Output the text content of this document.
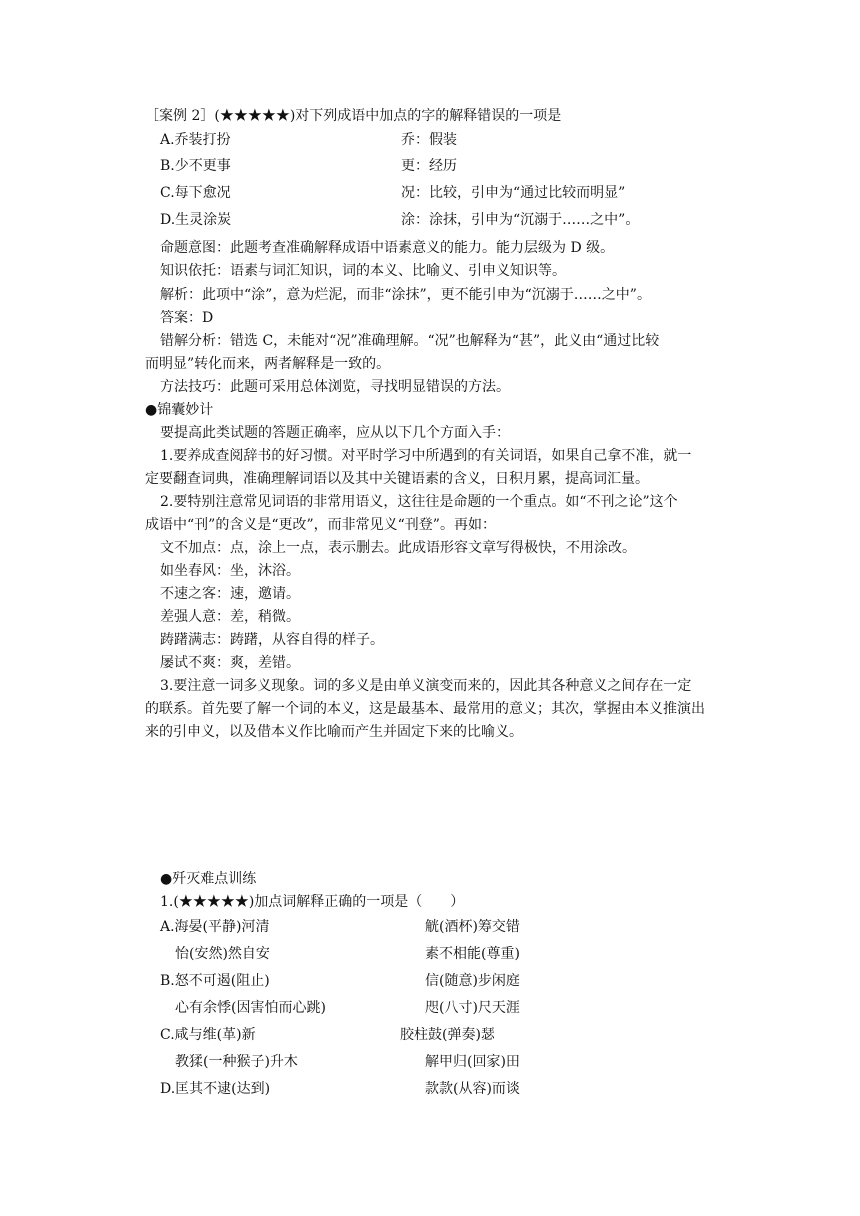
［案例 2］(★★★★★)对下列成语中加点的字的解释错误的一项是
A.乔装打扮	乔：假装
B.少不更事	更：经历
C.每下愈况	况：比较，引申为“通过比较而明显”
D.生灵涂炭	涂：涂抹，引申为“沉溺于……之中”。
命题意图：此题考查准确解释成语中语素意义的能力。能力层级为 D 级。
知识依托：语素与词汇知识，词的本义、比喻义、引申义知识等。
解析：此项中“涂”，意为烂泥，而非“涂抹”，更不能引申为“沉溺于……之中”。
答案：D
错解分析：错选 C，未能对“况”准确理解。“况”也解释为“甚”，此义由“通过比较
而明显”转化而来，两者解释是一致的。
方法技巧：此题可采用总体浏览，寻找明显错误的方法。
●锦囊妙计
要提高此类试题的答题正确率，应从以下几个方面入手：
1.要养成查阅辞书的好习惯。对平时学习中所遇到的有关词语，如果自己拿不准，就一
定要翻查词典，准确理解词语以及其中关键语素的含义，日积月累，提高词汇量。
2.要特别注意常见词语的非常用语义，这往往是命题的一个重点。如“不刊之论”这个
成语中“刊”的含义是“更改”，而非常见义“刊登”。再如：
文不加点：点，涂上一点，表示删去。此成语形容文章写得极快，不用涂改。
如坐春风：坐，沐浴。
不速之客：速，邀请。
差强人意：差，稍微。
踌躇满志：踌躇，从容自得的样子。
屡试不爽：爽，差错。
3.要注意一词多义现象。词的多义是由单义演变而来的，因此其各种意义之间存在一定
的联系。首先要了解一个词的本义，这是最基本、最常用的意义；其次，掌握由本义推演出
来的引申义，以及借本义作比喻而产生并固定下来的比喻义。
●歼灭难点训练
1.(★★★★★)加点词解释正确的一项是（　　）
A.海晏(平静)河清	觥(酒杯)筹交错
怡(安然)然自安	素不相能(尊重)
B.怒不可遏(阻止)	信(随意)步闲庭
心有余悸(因害怕而心跳)	咫(八寸)尺天涯
C.咸与维(革)新	胶柱鼓(弹奏)瑟
教猱(一种猴子)升木	解甲归(回家)田
D.匡其不逮(达到)	款款(从容)而谈
